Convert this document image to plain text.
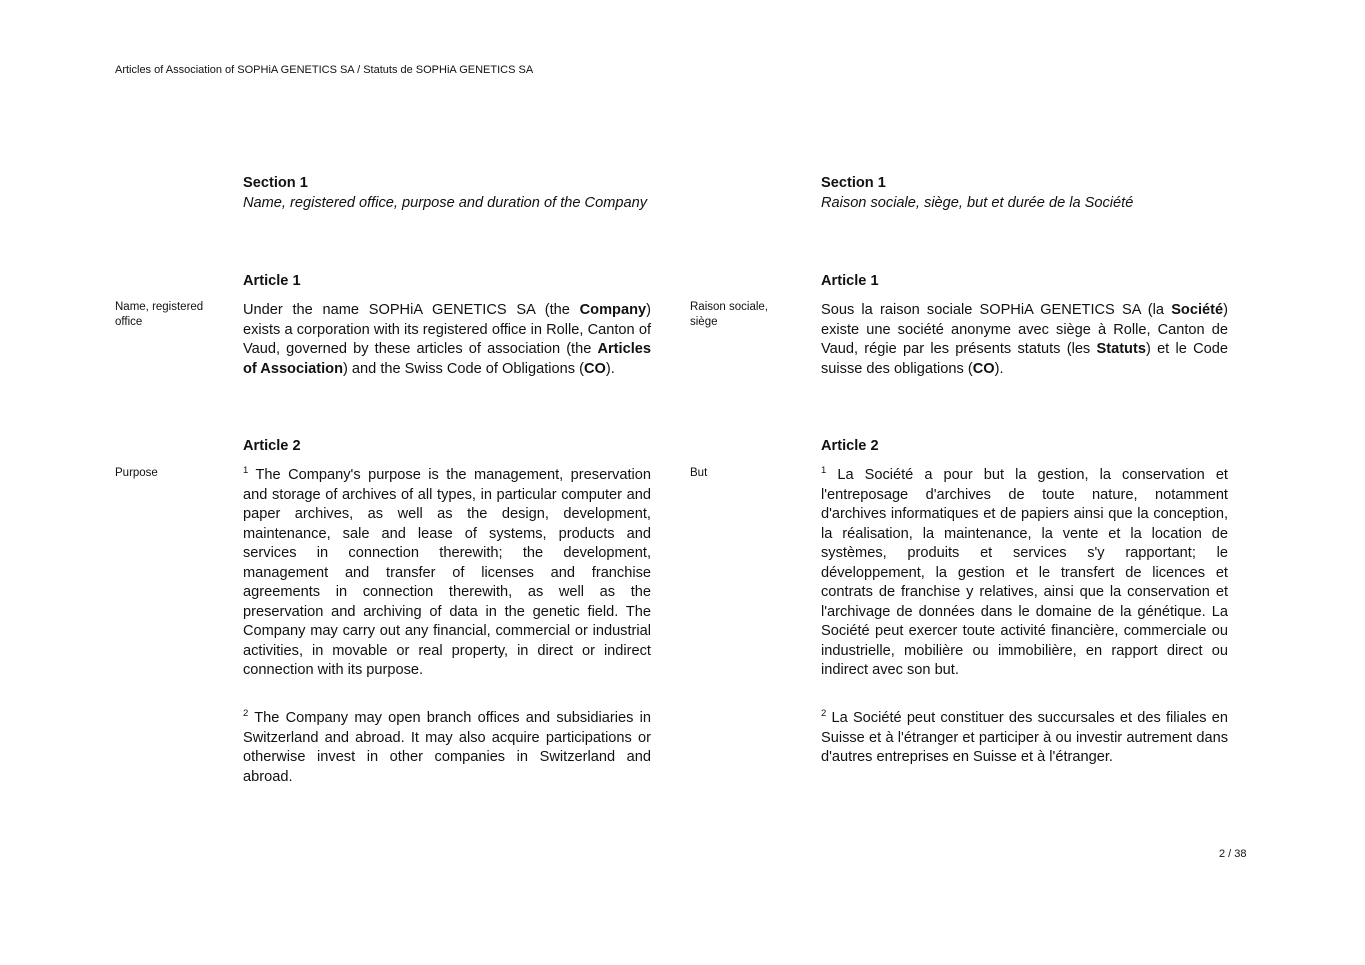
Articles of Association of SOPHiA GENETICS SA / Statuts de SOPHiA GENETICS SA
Section 1
Name, registered office, purpose and duration of the Company
Article 1
Name, registered office

Under the name SOPHiA GENETICS SA (the Company) exists a corporation with its registered office in Rolle, Canton of Vaud, governed by these articles of association (the Articles of Association) and the Swiss Code of Obligations (CO).

Article 2
Purpose	$^1$ The Company's purpose is the management, preservation and storage of archives of all types, in particular computer and paper archives, as well as the design, development, maintenance, sale and lease of systems, products and services in connection therewith; the development, management and transfer of licenses and franchise agreements in connection therewith, as well as the preservation and archiving of data in the genetic field. The Company may carry out any financial, commercial or industrial activities, in movable or real property, in direct or indirect connection with its purpose.

$^2$ The Company may open branch offices and subsidiaries in Switzerland and abroad. It may also acquire participations or otherwise invest in other companies in Switzerland and abroad.

Section 1
Raison sociale, siège, but et durée de la Société
Article 1
Raison sociale, siège

Sous la raison sociale SOPHiA GENETICS SA (la Société) existe une société anonyme avec siège à Rolle, Canton de Vaud, régie par les présents statuts (les Statuts) et le Code suisse des obligations (CO).

Article 2
But	$^1$ La Société a pour but la gestion, la conservation et l'entreposage d'archives de toute nature, notamment d'archives informatiques et de papiers ainsi que la conception, la réalisation, la maintenance, la vente et la location de systèmes, produits et services s'y rapportant; le développement, la gestion et le transfert de licences et contrats de franchise y relatives, ainsi que la conservation et l'archivage de données dans le domaine de la génétique. La Société peut exercer toute activité financière, commerciale ou industrielle, mobilière ou immobilière, en rapport direct ou indirect avec son but.

$^2$ La Société peut constituer des succursales et des filiales en Suisse et à l'étranger et participer à ou investir autrement dans d'autres entreprises en Suisse et à l'étranger.

2 / 38
